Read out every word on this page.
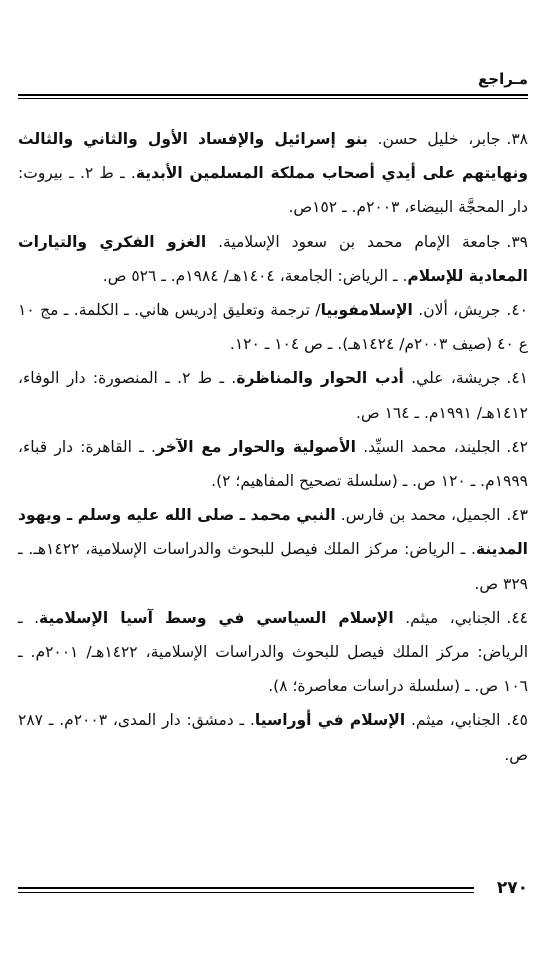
مـراجع

٣٨.جابر، خليل حسن. بنو إسرائيل والإفساد الأول والثاني والثالث ونهايتهم على أيدي أصحاب مملكة المسلمين الأبدية. ـ ط ٢. ـ بيروت: دار المحجَّة البيضاء، ٢٠٠٣م. ـ ١٥٢ص.

٣٩.جامعة الإمام محمد بن سعود الإسلامية. الغزو الفكري والتيارات المعادية للإسلام. ـ الرياض: الجامعة، ١٤٠٤هـ/ ١٩٨٤م. ـ ٥٢٦ ص.

٤٠.جريش، ألان. الإسلامفوبيا/ ترجمة وتعليق إدريس هاني. ـ الكلمة. ـ مج ١٠ ع ٤٠ (صيف ٢٠٠٣م/ ١٤٢٤هـ). ـ ص ١٠٤ ـ ١٢٠.

٤١.جريشة، علي. أدب الحوار والمناظرة. ـ ط ٢. ـ المنصورة: دار الوفاء، ١٤١٢هـ/ ١٩٩١م. ـ ١٦٤ ص.

٤٢.الجليند، محمد السيِّد. الأصولية والحوار مع الآخر. ـ القاهرة: دار قباء، ١٩٩٩م. ـ ١٢٠ ص. ـ (سلسلة تصحيح المفاهيم؛ ٢).

٤٣.الجميل، محمد بن فارس. النبي محمد ـ صلى الله عليه وسلم ـ ويهود المدينة. ـ الرياض: مركز الملك فيصل للبحوث والدراسات الإسلامية، ١٤٢٢هـ. ـ ٣٢٩ ص.

٤٤.الجنابي، ميثم. الإسلام السياسي في وسط آسيا الإسلامية. ـ الرياض: مركز الملك فيصل للبحوث والدراسات الإسلامية، ١٤٢٢هـ/ ٢٠٠١م. ـ ١٠٦ ص. ـ (سلسلة دراسات معاصرة؛ ٨).

٤٥.الجنابي، ميثم. الإسلام في أوراسيا. ـ دمشق: دار المدى، ٢٠٠٣م. ـ ٢٨٧ ص.

٢٧٠
